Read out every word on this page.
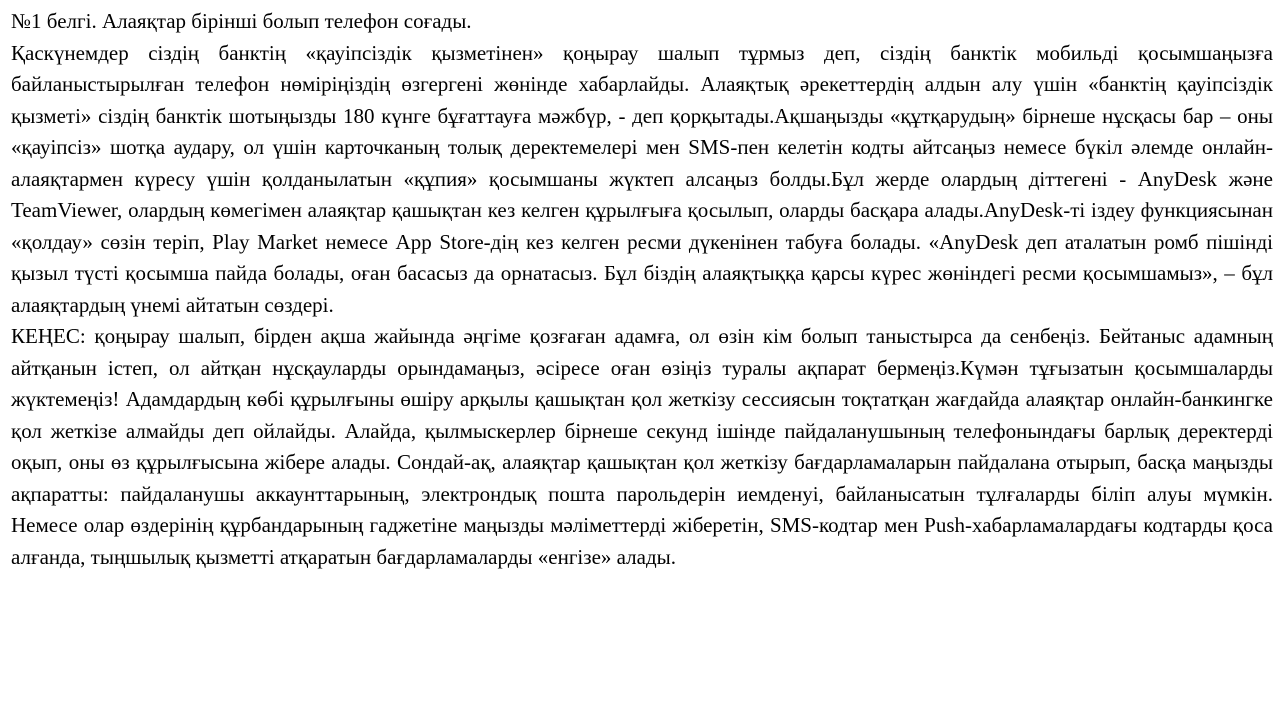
№1 белгі. Алаяқтар бірінші болып телефон соғады.

Қаскүнемдер сіздің банктің «қауіпсіздік қызметінен» қоңырау шалып тұрмыз деп, сіздің банктік мобильді қосымшаңызға байланыстырылған телефон нөміріңіздің өзгергені жөнінде хабарлайды. Алаяқтық әрекеттердің алдын алу үшін «банктің қауіпсіздік қызметі» сіздің банктік шотыңызды 180 күнге бұғаттауға мәжбүр, - деп қорқытады.Ақшаңызды «құтқарудың» бірнеше нұсқасы бар – оны «қауіпсіз» шотқа аудару, ол үшін карточканың толық деректемелері мен SMS-пен келетін кодты айтсаңыз немесе бүкіл әлемде онлайн-алаяқтармен күресу үшін қолданылатын «құпия» қосымшаны жүктеп алсаңыз болды.Бұл жерде олардың діттегені - AnyDesk және TeamViewer, олардың көмегімен алаяқтар қашықтан кез келген құрылғыға қосылып, оларды басқара алады.AnyDesk-ті іздеу функциясынан «қолдау» сөзін теріп, Play Market немесе App Store-дің кез келген ресми дүкенінен табуға болады. «AnyDesk деп аталатын ромб пішінді қызыл түсті қосымша пайда болады, оған басасыз да орнатасыз. Бұл біздің алаяқтыққа қарсы күрес жөніндегі ресми қосымшамыз», – бұл алаяқтардың үнемі айтатын сөздері.

КЕҢЕС: қоңырау шалып, бірден ақша жайында әңгіме қозғаған адамға, ол өзін кім болып таныстырса да сенбеңіз. Бейтаныс адамның айтқанын істеп, ол айтқан нұсқауларды орындамаңыз, әсіресе оған өзіңіз туралы ақпарат бермеңіз.Күмән тұғызатын қосымшаларды жүктемеңіз! Адамдардың көбі құрылғыны өшіру арқылы қашықтан қол жеткізу сессиясын тоқтатқан жағдайда алаяқтар онлайн-банкингке қол жеткізе алмайды деп ойлайды. Алайда, қылмыскерлер бірнеше секунд ішінде пайдаланушының телефонындағы барлық деректерді оқып, оны өз құрылғысына жібере алады. Сондай-ақ, алаяқтар қашықтан қол жеткізу бағдарламаларын пайдалана отырып, басқа маңызды ақпаратты: пайдаланушы аккаунттарының, электрондық пошта парольдерін иемденуі, байланысатын тұлғаларды біліп алуы мүмкін. Немесе олар өздерінің құрбандарының гаджетіне маңызды мәліметтерді жіберетін, SMS-кодтар мен Push-хабарламалардағы кодтарды қоса алғанда, тыңшылық қызметті атқаратын бағдарламаларды «енгізе» алады.
